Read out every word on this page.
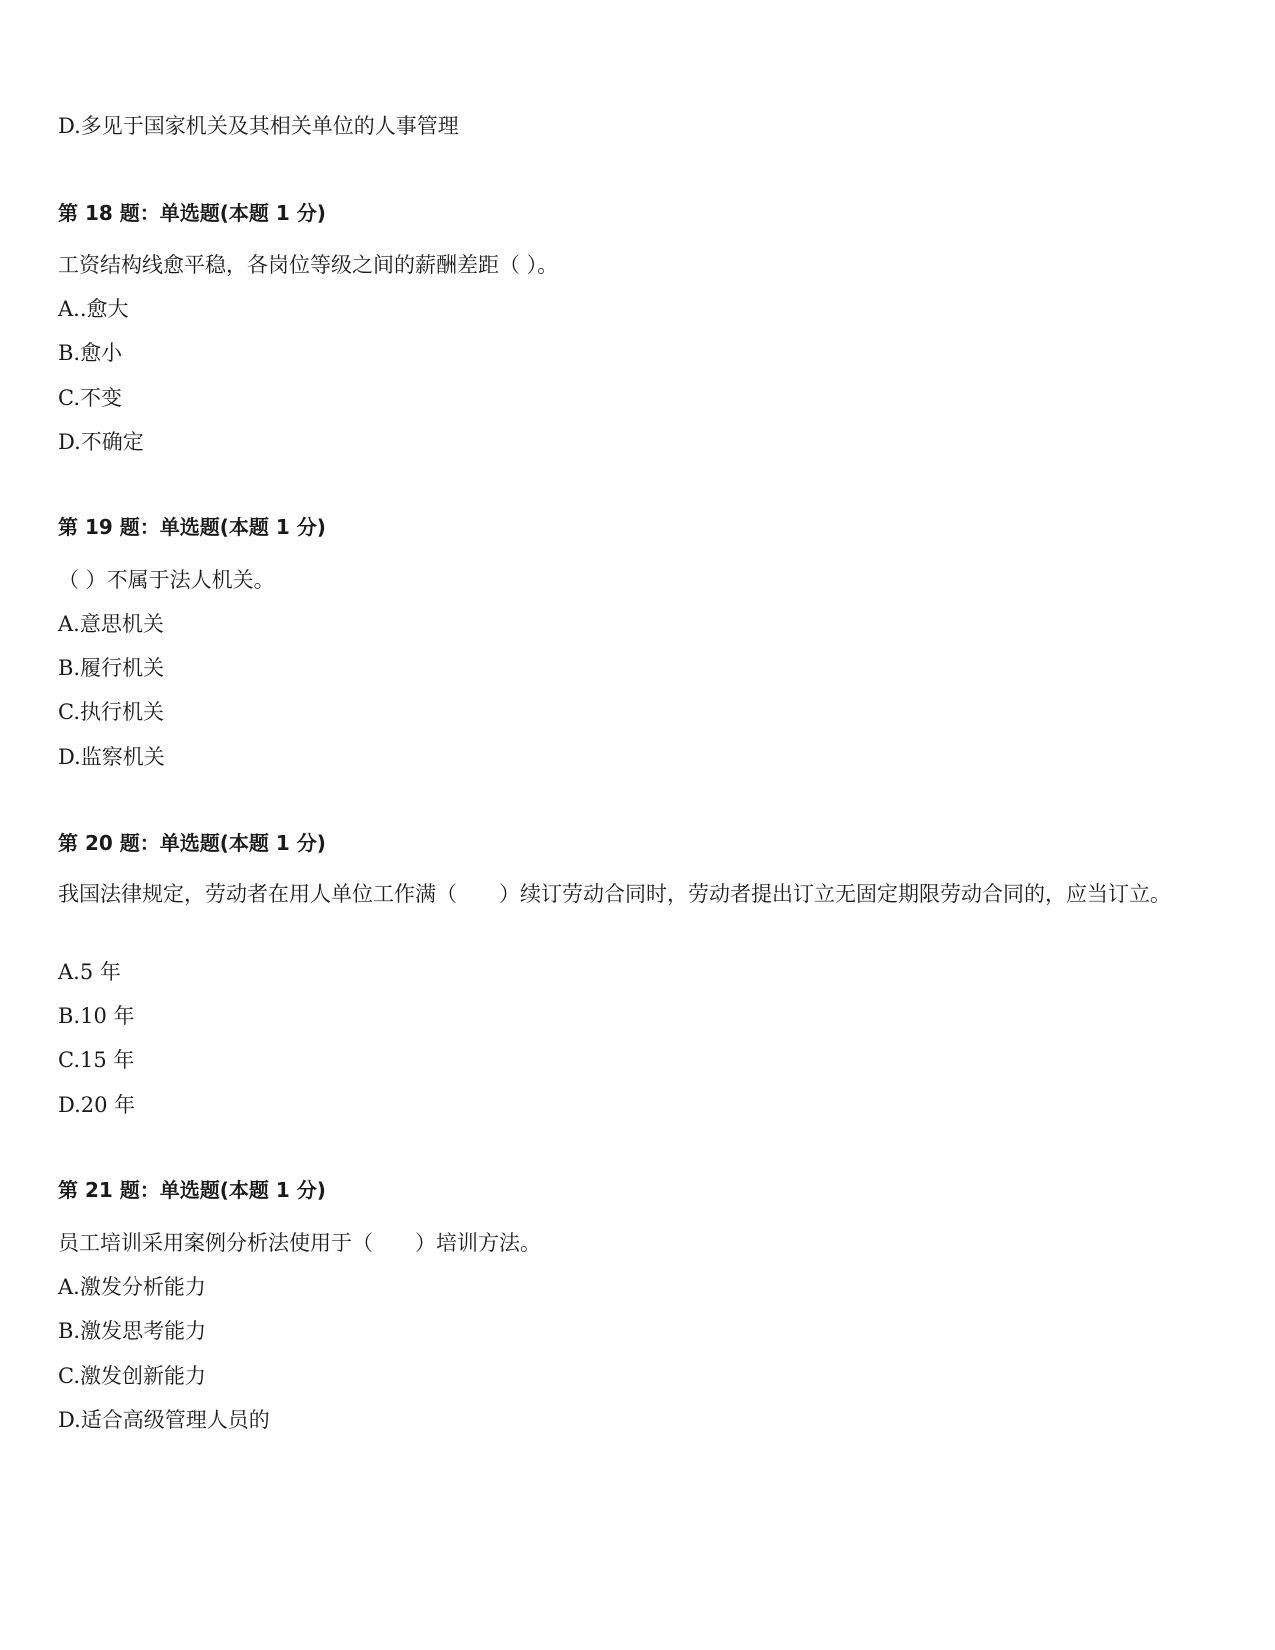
D.多见于国家机关及其相关单位的人事管理
第 18 题：单选题(本题 1 分)
工资结构线愈平稳，各岗位等级之间的薪酬差距（ ）。
A..愈大
B.愈小
C.不变
D.不确定
第 19 题：单选题(本题 1 分)
（ ）不属于法人机关。
A.意思机关
B.履行机关
C.执行机关
D.监察机关
第 20 题：单选题(本题 1 分)
我国法律规定，劳动者在用人单位工作满（　　）续订劳动合同时，劳动者提出订立无固定期限劳动合同的，应当订立。
A.5 年
B.10 年
C.15 年
D.20 年
第 21 题：单选题(本题 1 分)
员工培训采用案例分析法使用于（　　）培训方法。
A.激发分析能力
B.激发思考能力
C.激发创新能力
D.适合高级管理人员的
